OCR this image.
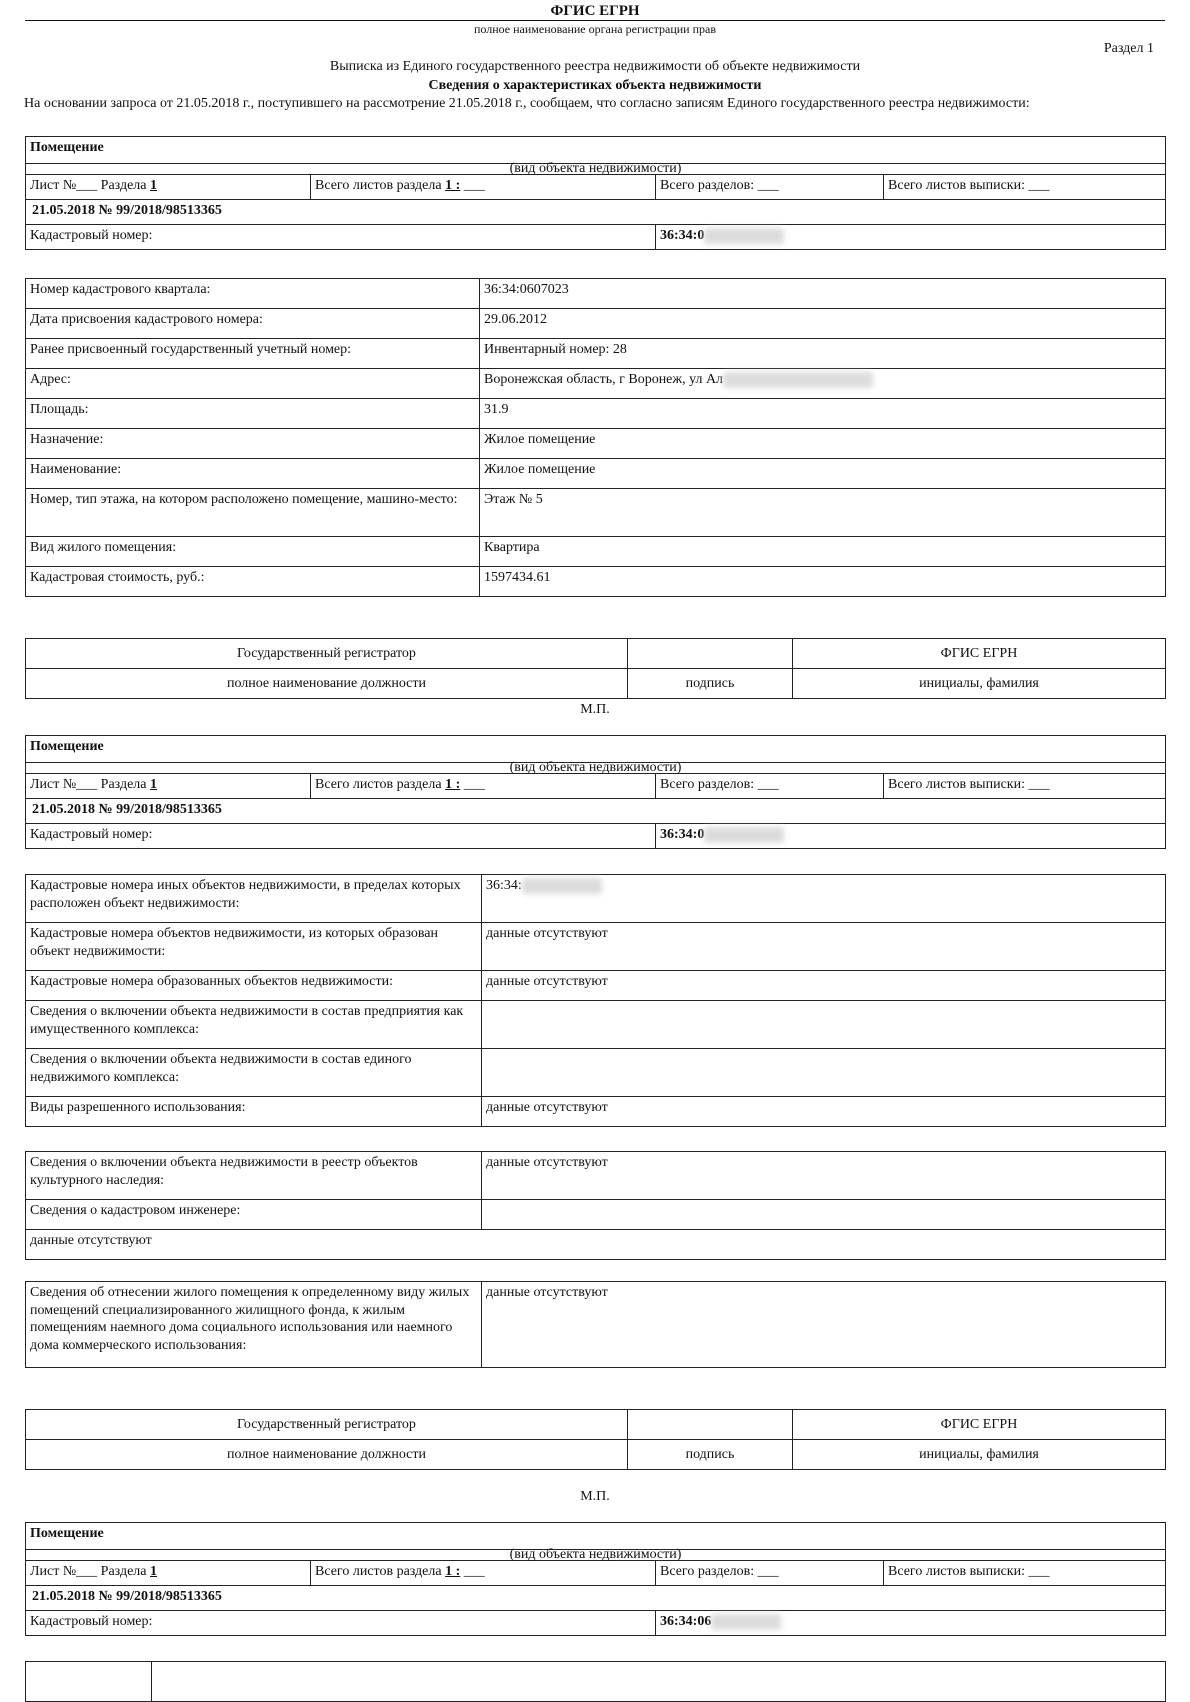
ФГИС ЕГРН
полное наименование органа регистрации прав
Раздел 1
Выписка из Единого государственного реестра недвижимости об объекте недвижимости
Сведения о характеристиках объекта недвижимости
На основании запроса от 21.05.2018 г., поступившего на рассмотрение 21.05.2018 г., сообщаем, что согласно записям Единого государственного реестра недвижимости:
Помещение			
(вид объекта недвижимости)			
Лист №___ Раздела 1	Всего листов раздела 1 : ___	Всего разделов: ___	Всего листов выписки: ___
21.05.2018 № 99/2018/98513365			
Кадастровый номер:		36:34:0	
Номер кадастрового квартала:	36:34:0607023
Дата присвоения кадастрового номера:	29.06.2012
Ранее присвоенный государственный учетный номер:	Инвентарный номер: 28
Адрес:	Воронежская область, г Воронеж, ул Ал
Площадь:	31.9
Назначение:	Жилое помещение
Наименование:	Жилое помещение
Номер, тип этажа, на котором расположено помещение, машино-место:	Этаж № 5
Вид жилого помещения:	Квартира
Кадастровая стоимость, руб.:	1597434.61
Государственный регистратор		ФГИС ЕГРН
полное наименование должности	подпись	инициалы, фамилия
М.П.
Помещение			
(вид объекта недвижимости)			
Лист №___ Раздела 1	Всего листов раздела 1 : ___	Всего разделов: ___	Всего листов выписки: ___
21.05.2018 № 99/2018/98513365			
Кадастровый номер:		36:34:0	
Кадастровые номера иных объектов недвижимости, в пределах которых расположен объект недвижимости:	36:34:
Кадастровые номера объектов недвижимости, из которых образован объект недвижимости:	данные отсутствуют
Кадастровые номера образованных объектов недвижимости:	данные отсутствуют
Сведения о включении объекта недвижимости в состав предприятия как имущественного комплекса:	
Сведения о включении объекта недвижимости в состав единого недвижимого комплекса:	
Виды разрешенного использования:	данные отсутствуют
Сведения о включении объекта недвижимости в реестр объектов культурного наследия:	данные отсутствуют
Сведения о кадастровом инженере:	
данные отсутствуют	
Сведения об отнесении жилого помещения к определенному виду жилых помещений специализированного жилищного фонда, к жилым помещениям наемного дома социального использования или наемного дома коммерческого использования:	данные отсутствуют
Государственный регистратор		ФГИС ЕГРН
полное наименование должности	подпись	инициалы, фамилия
М.П.
Помещение			
(вид объекта недвижимости)			
Лист №___ Раздела 1	Всего листов раздела 1 : ___	Всего разделов: ___	Всего листов выписки: ___
21.05.2018 № 99/2018/98513365			
Кадастровый номер:		36:34:06	
